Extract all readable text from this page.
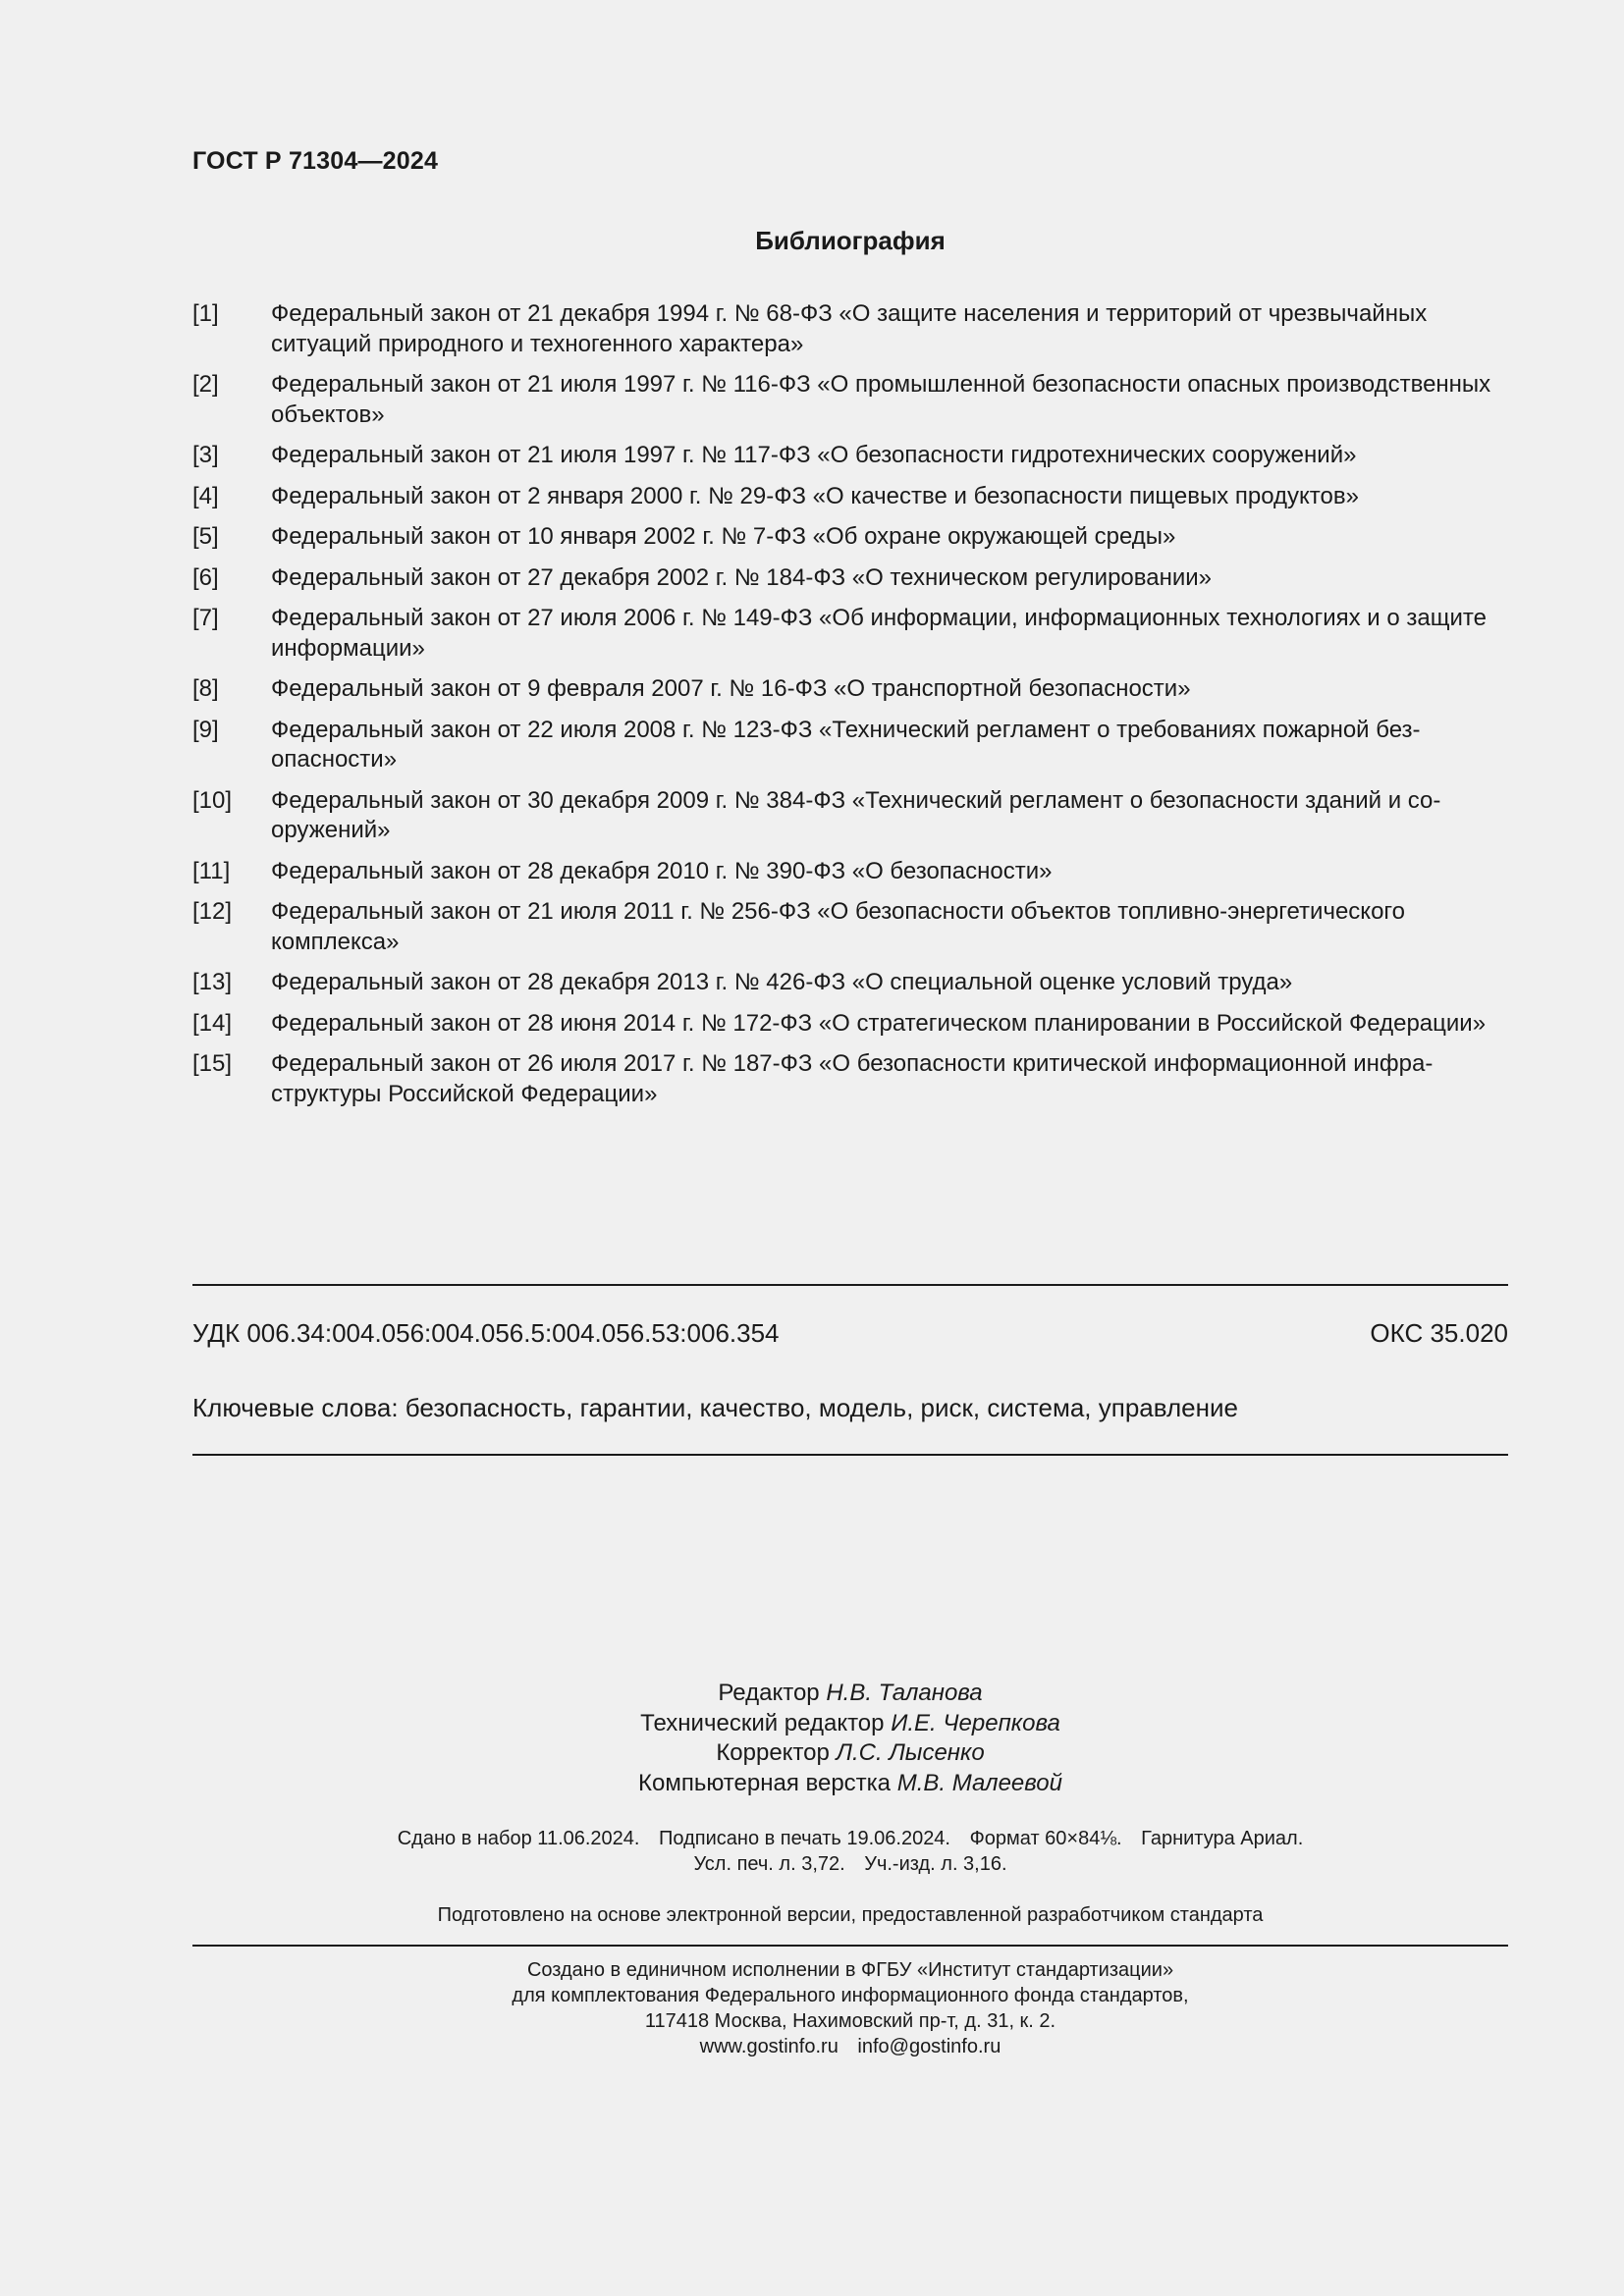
ГОСТ Р 71304—2024
Библиография
[1]	Федеральный закон от 21 декабря 1994 г. № 68-ФЗ «О защите населения и территорий от чрезвычайных ситуаций природного и техногенного характера»
[2]	Федеральный закон от 21 июля 1997 г. № 116-ФЗ «О промышленной безопасности опасных производственных объектов»
[3]	Федеральный закон от 21 июля 1997 г. № 117-ФЗ «О безопасности гидротехнических сооружений»
[4]	Федеральный закон от 2 января 2000 г. № 29-ФЗ «О качестве и безопасности пищевых продуктов»
[5]	Федеральный закон от 10 января 2002 г. № 7-ФЗ «Об охране окружающей среды»
[6]	Федеральный закон от 27 декабря 2002 г. № 184-ФЗ «О техническом регулировании»
[7]	Федеральный закон от 27 июля 2006 г. № 149-ФЗ «Об информации, информационных технологиях и о защите информации»
[8]	Федеральный закон от 9 февраля 2007 г. № 16-ФЗ «О транспортной безопасности»
[9]	Федеральный закон от 22 июля 2008 г. № 123-ФЗ «Технический регламент о требованиях пожарной безопасности»
[10]	Федеральный закон от 30 декабря 2009 г. № 384-ФЗ «Технический регламент о безопасности зданий и сооружений»
[11]	Федеральный закон от 28 декабря 2010 г. № 390-ФЗ «О безопасности»
[12]	Федеральный закон от 21 июля 2011 г. № 256-ФЗ «О безопасности объектов топливно-энергетического комплекса»
[13]	Федеральный закон от 28 декабря 2013 г. № 426-ФЗ «О специальной оценке условий труда»
[14]	Федеральный закон от 28 июня 2014 г. № 172-ФЗ «О стратегическом планировании в Российской Федерации»
[15]	Федеральный закон от 26 июля 2017 г. № 187-ФЗ «О безопасности критической информационной инфраструктуры Российской Федерации»
УДК 006.34:004.056:004.056.5:004.056.53:006.354	ОКС 35.020
Ключевые слова: безопасность, гарантии, качество, модель, риск, система, управление
Редактор Н.В. Таланова
Технический редактор И.Е. Черепкова
Корректор Л.С. Лысенко
Компьютерная верстка М.В. Малеевой
Сдано в набор 11.06.2024. Подписано в печать 19.06.2024. Формат 60×84⅛. Гарнитура Ариал.
Усл. печ. л. 3,72. Уч.-изд. л. 3,16.
Подготовлено на основе электронной версии, предоставленной разработчиком стандарта
Создано в единичном исполнении в ФГБУ «Институт стандартизации»
для комплектования Федерального информационного фонда стандартов,
117418 Москва, Нахимовский пр-т, д. 31, к. 2.
www.gostinfo.ru info@gostinfo.ru
